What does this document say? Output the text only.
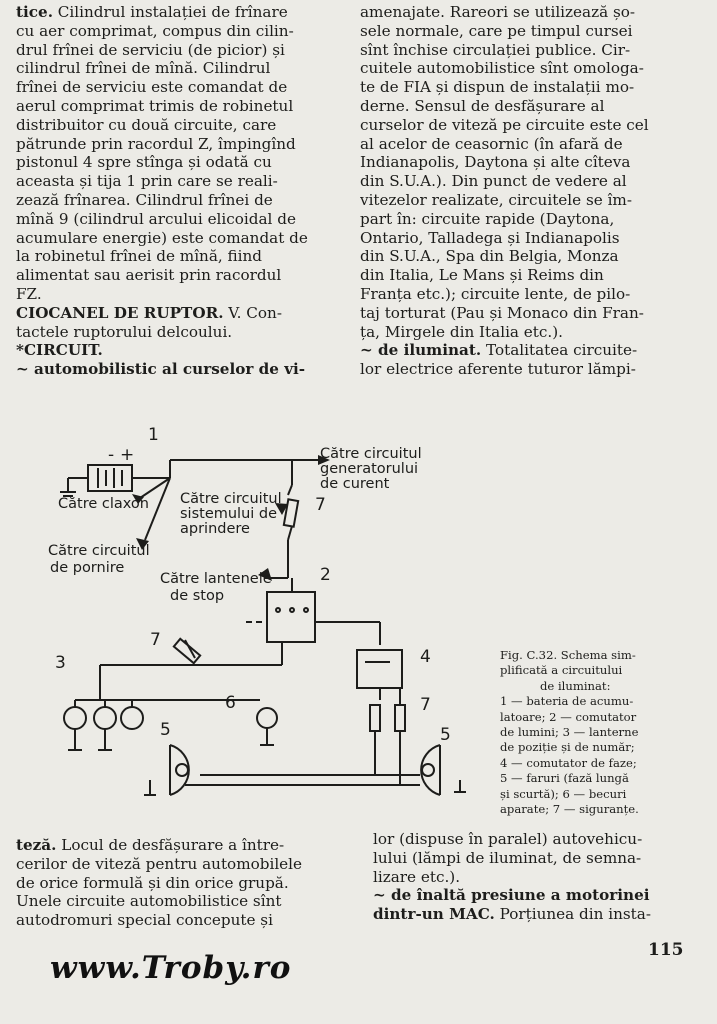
tice. Cilindrul instalației de frînare
cu aer comprimat, compus din cilin-
drul frînei de serviciu (de picior) și
cilindrul frînei de mînă. Cilindrul
frînei de serviciu este comandat de
aerul comprimat trimis de robinetul
distribuitor cu două circuite, care
pătrunde prin racordul Z, împingînd
pistonul 4 spre stînga și odată cu
aceasta și tija 1 prin care se reali-
zează frînarea. Cilindrul frînei de
mînă 9 (cilindrul arcului elicoidal de
acumulare energie) este comandat de
la robinetul frînei de mînă, fiind
alimentat sau aerisit prin racordul
FZ.
CIOCANEL DE RUPTOR. V. Con-
tactele ruptorului delcoului.
*CIRCUIT.
~ automobilistic al curselor de vi-
amenajate. Rareori se utilizează șo-
sele normale, care pe timpul cursei
sînt închise circulației publice. Cir-
cuitele automobilistice sînt omologa-
te de FIA și dispun de instalații mo-
derne. Sensul de desfășurare al
curselor de viteză pe circuite este cel
al acelor de ceasornic (în afară de
Indianapolis, Daytona și alte cîteva
din S.U.A.). Din punct de vedere al
vitezelor realizate, circuitele se îm-
part în: circuite rapide (Daytona,
Ontario, Talladega și Indianapolis
din S.U.A., Spa din Belgia, Monza
din Italia, Le Mans și Reims din
Franța etc.); circuite lente, de pilo-
taj torturat (Pau și Monaco din Fran-
ța, Mirgele din Italia etc.).
~ de iluminat. Totalitatea circuite-
lor electrice aferente tuturor lămpi-
Către circuitul
generatorului
de curent
Către claxon Către circuitul
sistemului de
aprindere
Către circuitul
de pornire
Către lantenele
de stop
- +
1
7
2
7
4
3
6	7
5	5
Fig. C.32. Schema sim-
plificată a circuitului
de iluminat:
1 — bateria de acumu-
latoare; 2 — comutator
de lumini; 3 — lanterne
de poziție și de număr;
4 — comutator de faze;
5 — faruri (fază lungă
și scurtă); 6 — becuri
aparate; 7 — siguranțe.
teză. Locul de desfășurare a între-
cerilor de viteză pentru automobilele
de orice formulă și din orice grupă.
Unele circuite automobilistice sînt
autodromuri special concepute și
lor (dispuse în paralel) autovehicu-
lului (lămpi de iluminat, de semna-
lizare etc.).
~ de înaltă presiune a motorinei
dintr-un MAC. Porțiunea din insta-
115
www.Troby.ro
